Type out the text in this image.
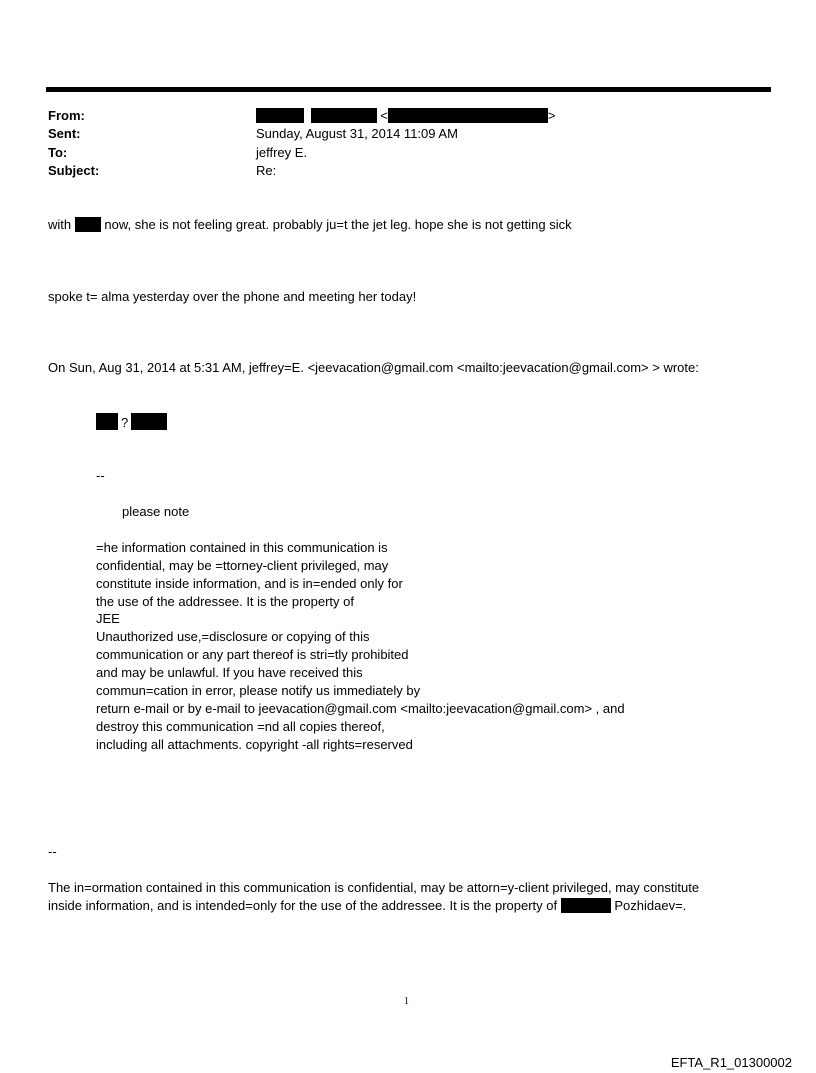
From:	<	>
Sent:	Sunday, August 31, 2014 11:09 AM
To:	jeffrey E.
Subject:	Re:
with	now, she is not feeling great. probably ju=t the jet leg. hope she is not getting sick
spoke t= alma yesterday over the phone and meeting her today!
On Sun, Aug 31, 2014 at 5:31 AM, jeffrey=E. <jeevacation@gmail.com <mailto:jeevacation@gmail.com> > wrote:
?
--
please note
=he information contained in this communication is
confidential, may be =ttorney-client privileged, may
constitute inside information, and is in=ended only for
the use of the addressee. It is the property of
JEE
Unauthorized use,=disclosure or copying of this
communication or any part thereof is stri=tly prohibited
and may be unlawful. If you have received this
commun=cation in error, please notify us immediately by
return e-mail or by e-mail to jeevacation@gmail.com <mailto:jeevacation@gmail.com> , and
destroy this communication =nd all copies thereof,
including all attachments. copyright -all rights=reserved
--
The in=ormation contained in this communication is confidential, may be attorn=y-client privileged, may constitute
inside information, and is intended=only for the use of the addressee. It is the property of	Pozhidaev=.
1
EFTA_R1_01300002
